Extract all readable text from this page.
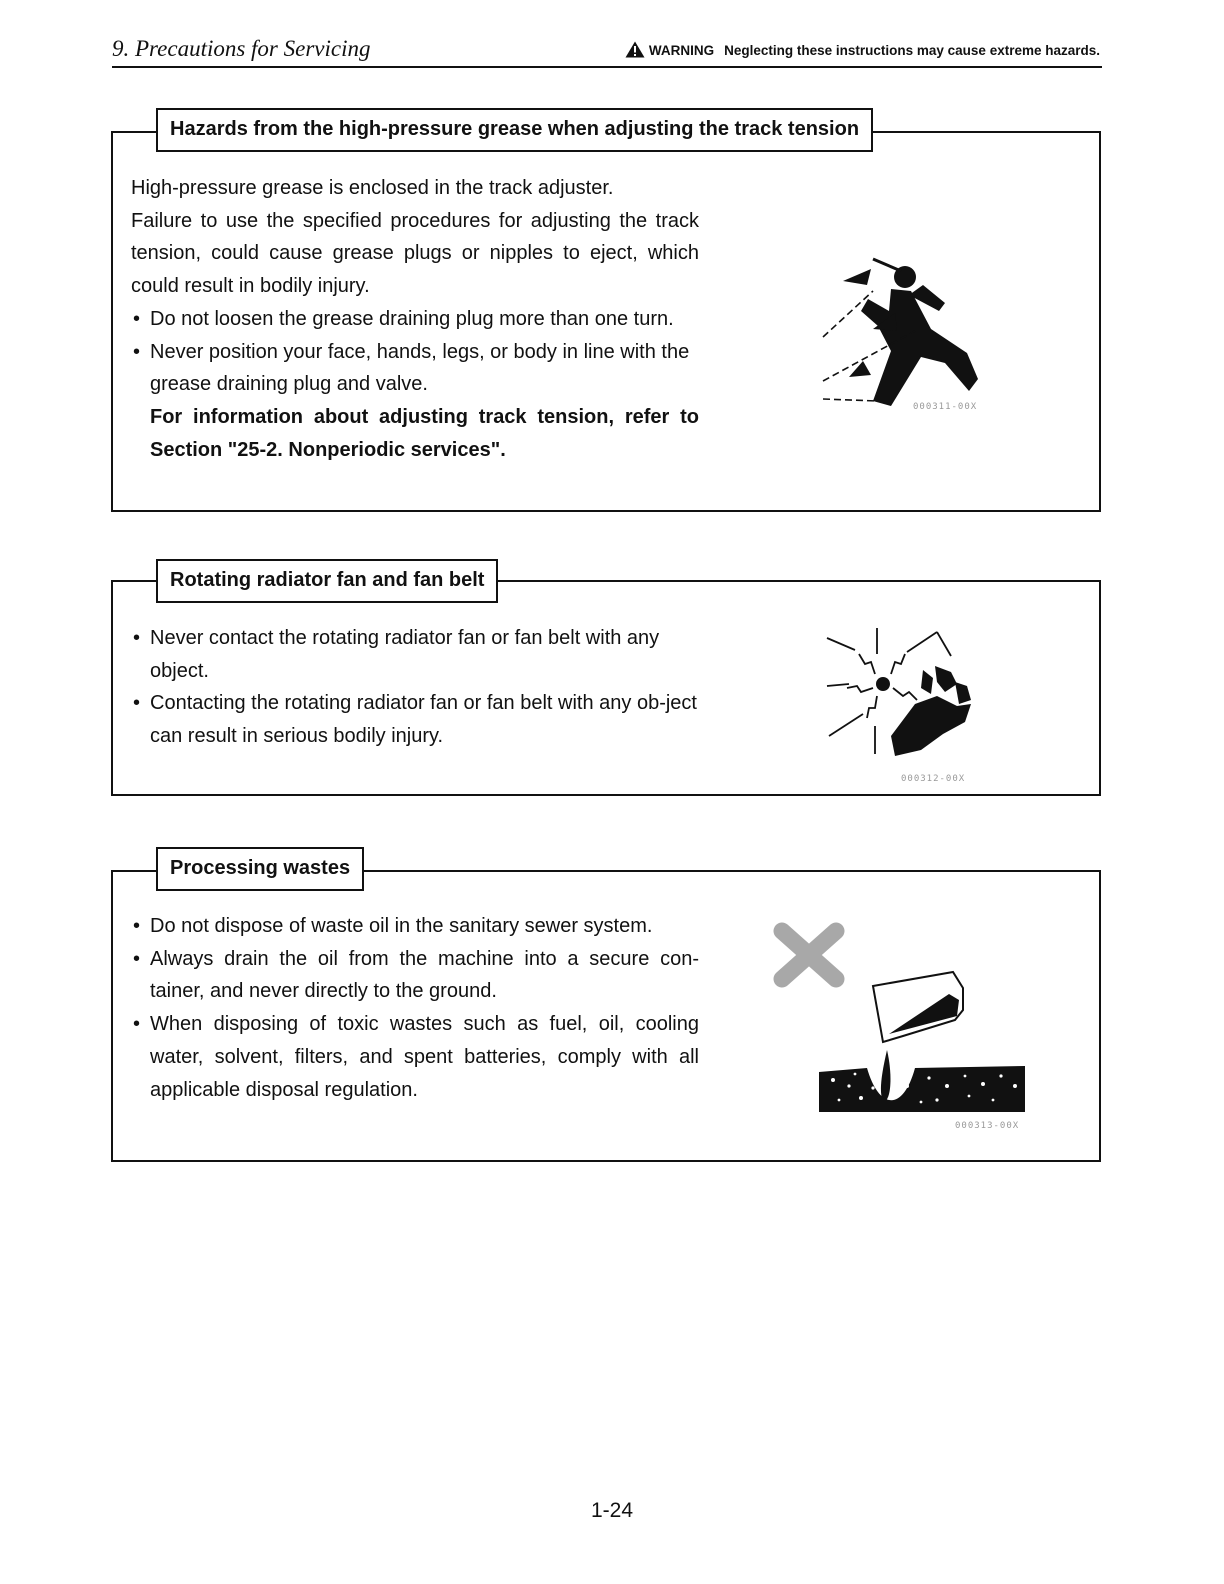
9. Precautions for Servicing	WARNING Neglecting these instructions may cause extreme hazards.
Hazards from the high-pressure grease when adjusting the track tension

High-pressure grease is enclosed in the track adjuster.

Failure to use the specified procedures for adjusting the track tension, could cause grease plugs or nipples to eject, which could result in bodily injury.

• Do not loosen the grease draining plug more than one turn.

• Never position your face, hands, legs, or body in line with the grease draining plug and valve.

For information about adjusting track tension, refer to Section "25-2. Nonperiodic services".

000311-00X
Rotating radiator fan and fan belt

• Never contact the rotating radiator fan or fan belt with any object.

• Contacting the rotating radiator fan or fan belt with any ob-ject can result in serious bodily injury.

000312-00X
Processing wastes

• Do not dispose of waste oil in the sanitary sewer system.

• Always drain the oil from the machine into a secure con-tainer, and never directly to the ground.

• When disposing of toxic wastes such as fuel, oil, cooling water, solvent, filters, and spent batteries, comply with all applicable disposal regulation.

000313-00X
1-24
